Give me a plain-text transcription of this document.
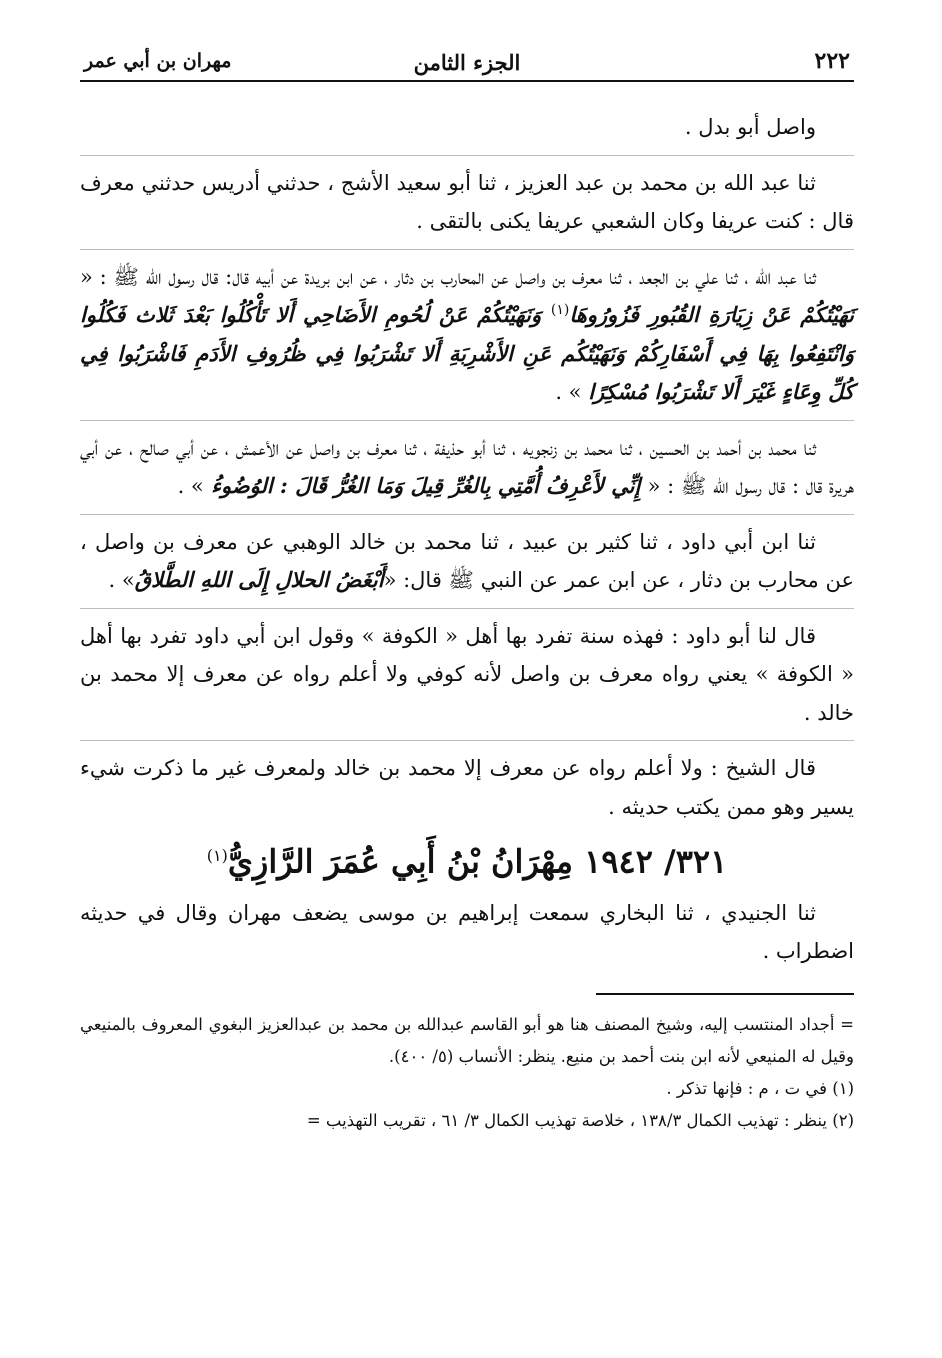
٢٢٢
الجزء الثامن
مهران بن أبي عمر

واصل أبو بدل .

ثنا عبد الله بن محمد بن عبد العزيز ، ثنا أبو سعيد الأشج ، حدثني أدريس حدثني معرف قال : كنت عريفا وكان الشعبي عريفا يكنى بالتقى .

ثنا عبد الله ، ثنا علي بن الجعد ، ثنا معرف بن واصل عن المحارب بن دثار ، عن ابن بريدة عن أبيه قال: قال رسول الله ﷺ : « نَهَيْتُكُمْ عَنْ زِيَارَةِ القُبُورِ فَزُورُوهَا$^{(١)}$ وَنَهَيْتُكُمْ عَنْ لُحُومِ الأَضَاحِي أَلا تَأْكُلُوا بَعْدَ ثَلاث فَكُلُوا وَانْتَفِعُوا بِهَا فِي أَسْفَارِكُمْ وَنَهَيْتُكُم عَنِ الأَشْرِبَةِ أَلا تَشْرَبُوا فِي ظُرُوفِ الأَدَمِ فَاشْرَبُوا فِي كُلِّ وِعَاءٍ غَيْرَ أَلا تَشْرَبُوا مُسْكِرًا » .

ثنا محمد بن أحمد بن الحسين ، ثنا محمد بن زنجويه ، ثنا أبو حذيفة ، ثنا معرف بن واصل عن الأعمش ، عن أبي صالح ، عن أبي هريرة قال : قال رسول الله ﷺ : « إِنِّي لأَعْرِفُ أُمَّتِي بِالغُرِّ قِيلَ وَمَا الغُرُّ قَالَ : الوُضُوءُ » .

ثنا ابن أبي داود ، ثنا كثير بن عبيد ، ثنا محمد بن خالد الوهبي عن معرف بن واصل ، عن محارب بن دثار ، عن ابن عمر عن النبي ﷺ قال: «أَبْغَضُ الحلالِ إِلَى اللهِ الطَّلاقُ» .

قال لنا أبو داود : فهذه سنة تفرد بها أهل « الكوفة » وقول ابن أبي داود تفرد بها أهل « الكوفة » يعني رواه معرف بن واصل لأنه كوفي ولا أعلم رواه عن معرف إلا محمد بن خالد .

قال الشيخ : ولا أعلم رواه عن معرف إلا محمد بن خالد ولمعرف غير ما ذكرت شيء يسير وهو ممن يكتب حديثه .

٣٢١/ ١٩٤٢ مِهْرَانُ بْنُ أَبِي عُمَرَ الرَّازِيُّ$^{(١)}$

ثنا الجنيدي ، ثنا البخاري سمعت إبراهيم بن موسى يضعف مهران وقال في حديثه اضطراب .

= أجداد المنتسب إليه، وشيخ المصنف هنا هو أبو القاسم عبدالله بن محمد بن عبدالعزيز البغوي المعروف بالمنيعي وقيل له المنيعي لأنه ابن بنت أحمد بن منيع. ينظر: الأنساب (٥/ ٤٠٠).

(١) في ت ، م : فإنها تذكر .

(٢) ينظر : تهذيب الكمال ١٣٨/٣ ، خلاصة تهذيب الكمال ٣/ ٦١ ، تقريب التهذيب =
